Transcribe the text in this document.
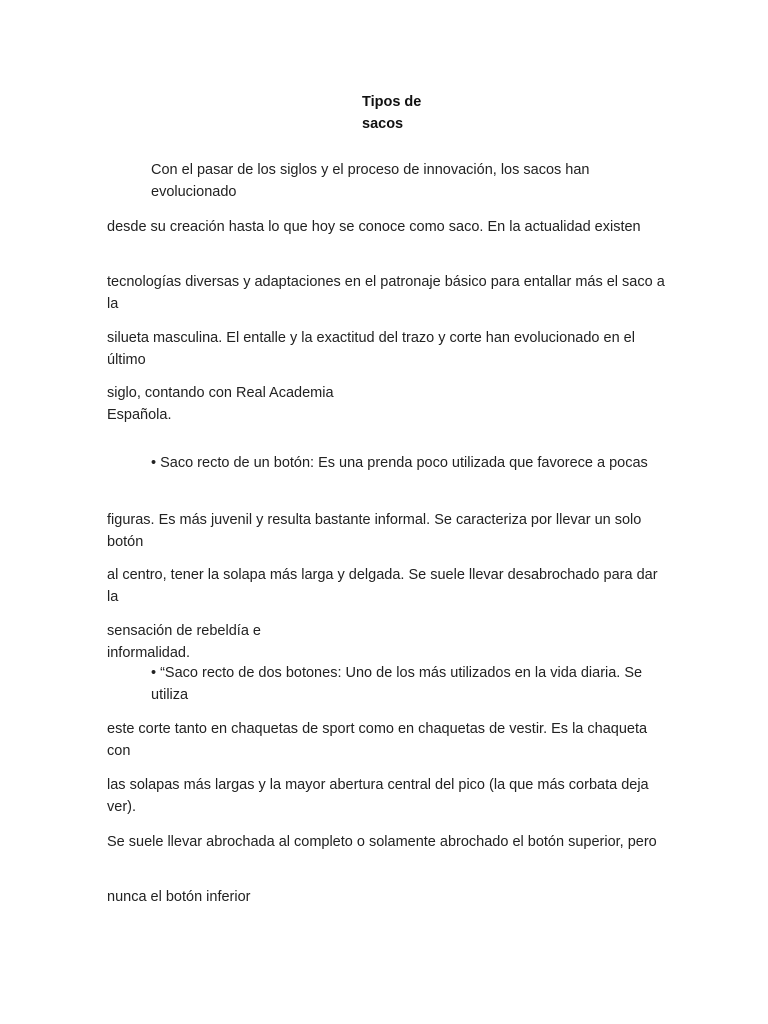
Tipos de
sacos

Con el pasar de los siglos y el proceso de innovación, los sacos han evolucionado

desde su creación hasta lo que hoy se conoce como saco. En la actualidad existen

tecnologías diversas y adaptaciones en el patronaje básico para entallar más el saco a la

silueta masculina. El entalle y la exactitud del trazo y corte han evolucionado en el último

siglo, contando con Real Academia Española.

• Saco recto de un botón: Es una prenda poco utilizada que favorece a pocas

figuras. Es más juvenil y resulta bastante informal. Se caracteriza por llevar un solo botón

al centro, tener la solapa más larga y delgada. Se suele llevar desabrochado para dar la

sensación de rebeldía e informalidad.

• “Saco recto de dos botones: Uno de los más utilizados en la vida diaria. Se utiliza

este corte tanto en chaquetas de sport como en chaquetas de vestir. Es la chaqueta con

las solapas más largas y la mayor abertura central del pico (la que más corbata deja ver).

Se suele llevar abrochada al completo o solamente abrochado el botón superior, pero

nunca el botón inferior
